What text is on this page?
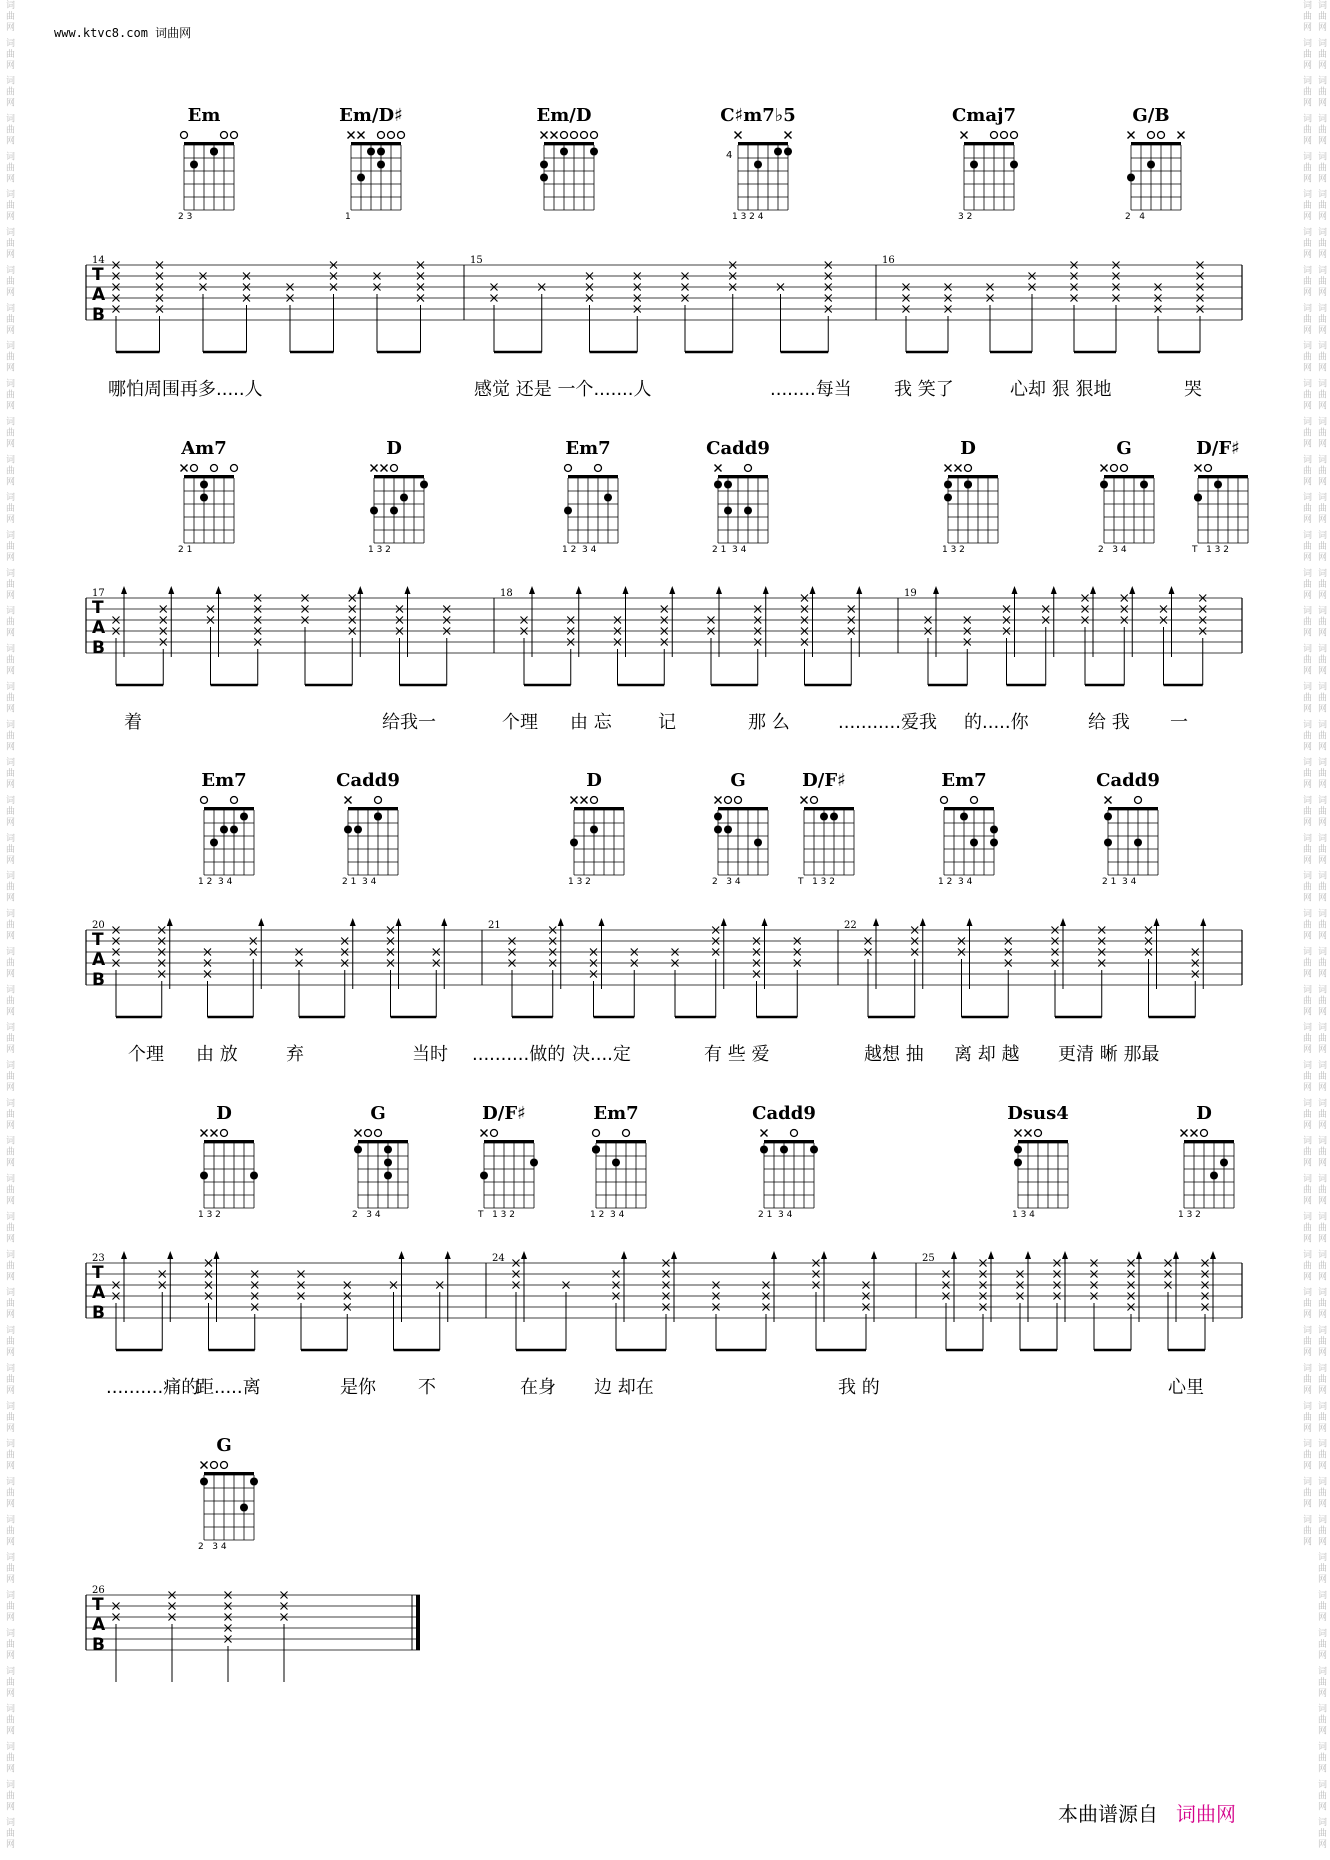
www.ktvc8.com 词曲网
词曲网 词曲网 词曲网 词曲网 词曲网 词曲网 词曲网 词曲网 词曲网 词曲网 词曲网 词曲网 词曲网 词曲网 词曲网 词曲网 词曲网 词曲网 词曲网 词曲网 词曲网 词曲网 词曲网 词曲网 词曲网 词曲网 词曲网 词曲网 词曲网 词曲网 词曲网 词曲网 词曲网 词曲网 词曲网 词曲网 词曲网 词曲网 词曲网 词曲网 词曲网 词曲网 词曲网 词曲网 词曲网 词曲网 词曲网 词曲网 词曲网	词曲网 词曲网 词曲网 词曲网 词曲网 词曲网 词曲网 词曲网 词曲网 词曲网 词曲网 词曲网 词曲网 词曲网 词曲网 词曲网 词曲网 词曲网 词曲网 词曲网 词曲网 词曲网 词曲网 词曲网 词曲网 词曲网 词曲网 词曲网 词曲网 词曲网 词曲网 词曲网 词曲网 词曲网 词曲网 词曲网 词曲网 词曲网 词曲网 词曲网 词曲网 词曲网 词曲网 词曲网 词曲网 词曲网 词曲网 词曲网 词曲网 词曲网 词曲网 词曲网 词曲网 词曲网 词曲网 词曲网 词曲网 词曲网 词曲网 词曲网 词曲网 词曲网 词曲网 词曲网 词曲网 词曲网 词曲网 词曲网 词曲网 词曲网 词曲网 词曲网 词曲网 词曲网 词曲网 词曲网 词曲网 词曲网 词曲网 词曲网 词曲网 词曲网 词曲网 词曲网 词曲网 词曲网 词曲网 词曲网 词曲网 词曲网
Em
2 3
Em/D♯
1
Em/D	C♯m7♭5
4
1 3 2 4
Cmaj7
3 2
G/B
2   4
T
A
B
14	15	16
哪怕周围再多.....人	感觉 还是 一个.......人	........每当 我 笑了	心却 狠 狠地	哭
Am7
2 1
D
1 3 2
Em7
1 2  3 4
Cadd9
2 1  3 4
D
1 3 2
G
2   3 4
D/F♯
T   1 3 2
T
A
B
17	18	19
着	给我一	个理 由 忘	记	那 么	...........爱我 的.....你	给 我 一
Em7
1 2  3 4
Cadd9
2 1  3 4
D
1 3 2
G
2   3 4
D/F♯
T   1 3 2
Em7
1 2  3 4
Cadd9
2 1  3 4
T
A
B
20	21	22
个理 由 放	弃	当时 ..........做的 决....定	有 些 爱	越想 抽 离 却 越 更清 晰 那最
D
1 3 2
G
2   3 4
D/F♯
T   1 3 2
Em7
1 2  3 4
Cadd9
2 1  3 4
Dsus4
1 3 4
D
1 3 2
T
A
B
23	24	25
..........痛的
距.....离	是你 不	在身 边 却在	我 的	心里
G
2   3 4
T
A
B
26
本曲谱源自 词曲网
